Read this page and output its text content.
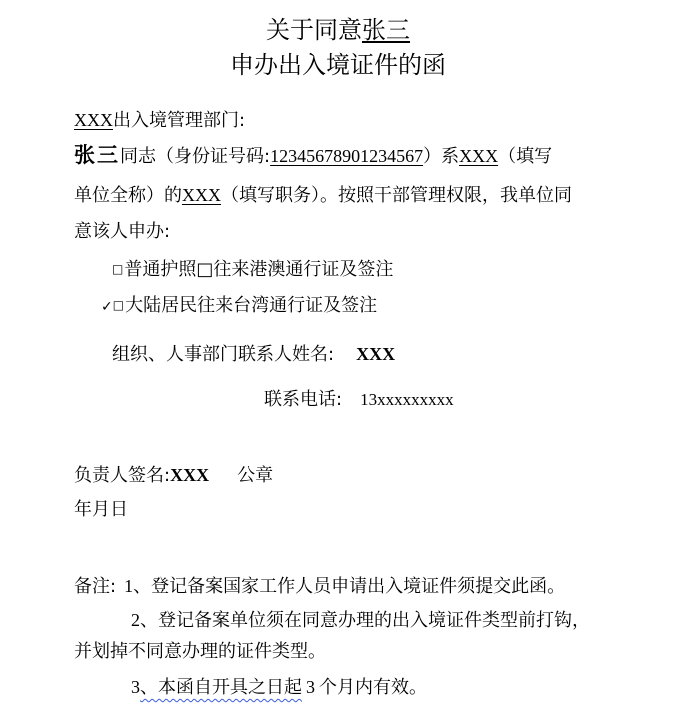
关于同意张三
申办出入境证件的函
XXX出入境管理部门:
张三同志（身份证号码:12345678901234567）系XXX（填写
单位全称）的XXX（填写职务）。按照干部管理权限，我单位同
意该人申办:
□普通护照□往来港澳通行证及签注
✓□大陆居民往来台湾通行证及签注
组织、人事部门联系人姓名: XXX
联系电话: 13xxxxxxxxx
负责人签名:XXX 公章
年月日
备注: 1、登记备案国家工作人员申请出入境证件须提交此函。
2、登记备案单位须在同意办理的出入境证件类型前打钩，
并划掉不同意办理的证件类型。
3、本函自开具之日起 3 个月内有效。
